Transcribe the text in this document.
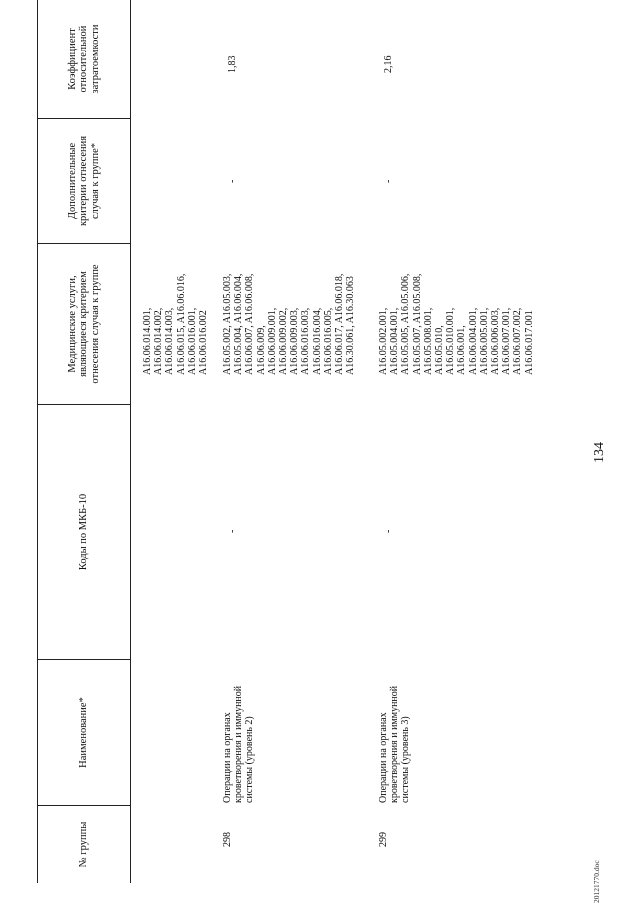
№ группы
Наименование*
Коды по МКБ-10
Медицинские услуги, являющиеся критерием отнесения случая к группе
Дополнительные критерии отнесения случая к группе*
Коэффициент относительной затратоемкости
134
20121770.doc
A16.06.014.001, A16.06.014.002, A16.06.014.003, A16.06.015, A16.06.016, A16.06.016.001, A16.06.016.002
298
Операции на органах кроветворения и иммунной системы (уровень 2)
-
A16.05.002, A16.05.003, A16.05.004, A16.06.004, A16.06.007, A16.06.008, A16.06.009, A16.06.009.001, A16.06.009.002, A16.06.009.003, A16.06.016.003, A16.06.016.004, A16.06.016.005, A16.06.017, A16.06.018, A16.30.061, A16.30.063
-
1,83
299
Операции на органах кроветворения и иммунной системы (уровень 3)
-
A16.05.002.001, A16.05.004.001, A16.05.005, A16.05.006, A16.05.007, A16.05.008, A16.05.008.001, A16.05.010, A16.05.010.001, A16.06.001, A16.06.004.001, A16.06.005.001, A16.06.006.003, A16.06.007.001, A16.06.007.002, A16.06.017.001
-
2,16
